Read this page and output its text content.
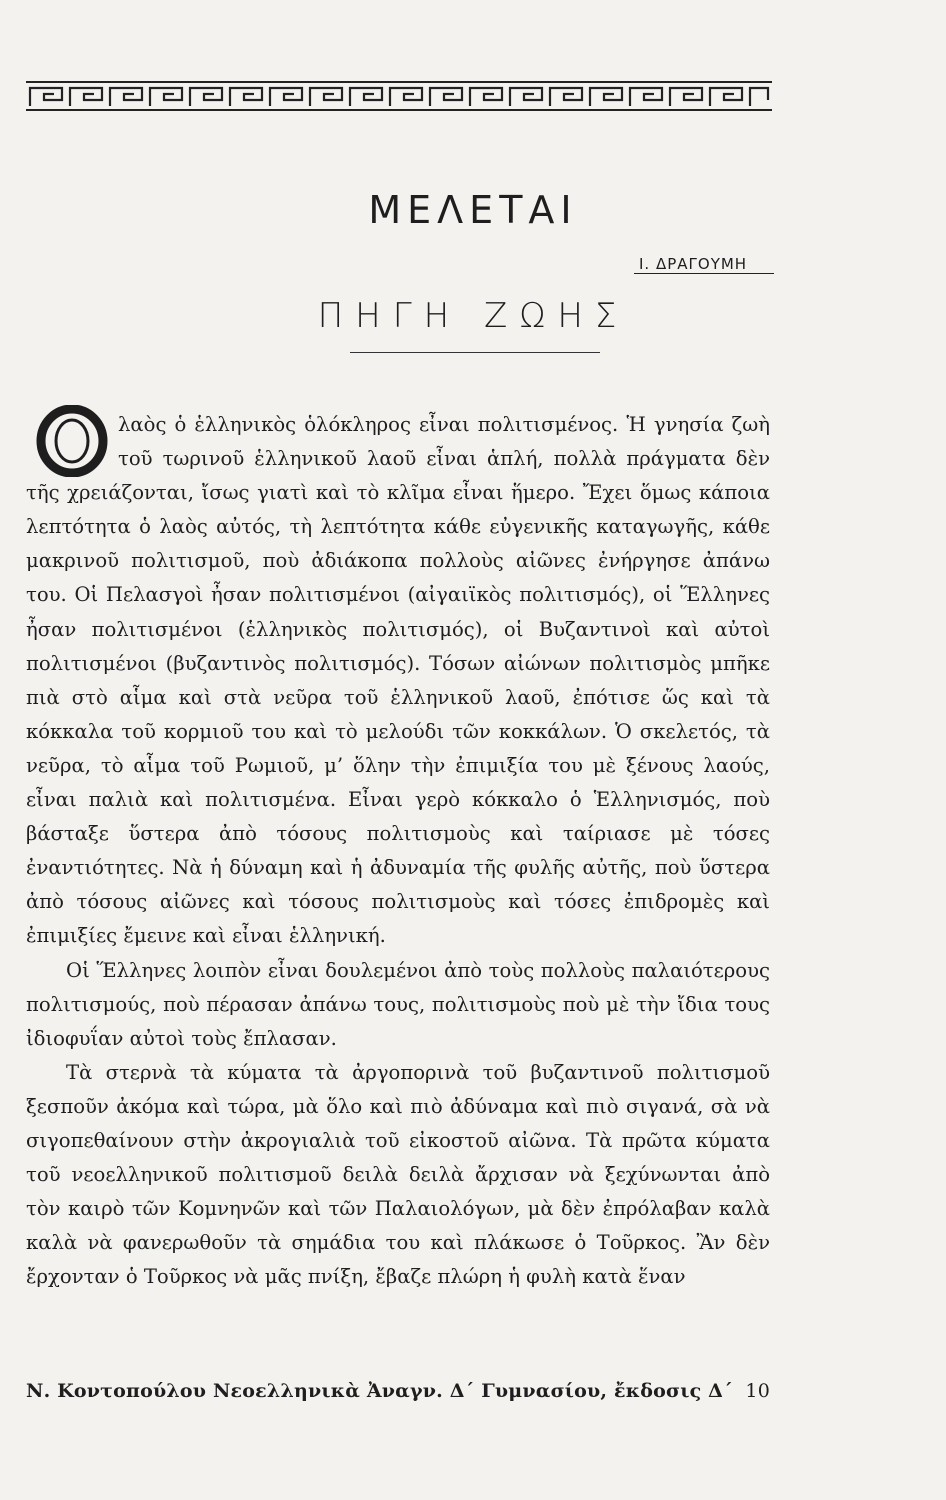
ΜΕΛΕΤΑΙ
Ι. ΔΡΑΓΟΥΜΗ
ΠΗΓΗ ΖΩΗΣ
Ο

λαὸς ὁ ἑλληνικὸς ὁλόκληρος εἶναι πολιτισμένος. Ἡ γνησία ζωὴ τοῦ τωρινοῦ ἑλληνικοῦ λαοῦ εἶναι ἁπλή, πολλὰ πράγματα δὲν τῆς χρειάζονται, ἴσως γιατὶ καὶ τὸ κλῖμα εἶναι ἥμερο. Ἔχει ὅμως κάποια λεπτότητα ὁ λαὸς αὐτός, τὴ λεπτότητα κάθε εὐγενικῆς καταγωγῆς, κάθε μακρινοῦ πολιτισμοῦ, ποὺ ἀδιάκοπα πολλοὺς αἰῶνες ἐνήργησε ἀπάνω του. Οἱ Πελασγοὶ ἦσαν πολιτισμένοι (αἰγαιϊκὸς πολιτισμός), οἱ Ἕλληνες ἦσαν πολιτισμένοι (ἑλληνικὸς πολιτισμός), οἱ Βυζαντινοὶ καὶ αὐτοὶ πολιτισμένοι (βυζαντινὸς πολιτισμός). Τόσων αἰώνων πολιτισμὸς μπῆκε πιὰ στὸ αἷμα καὶ στὰ νεῦρα τοῦ ἑλληνικοῦ λαοῦ, ἐπότισε ὥς καὶ τὰ κόκκαλα τοῦ κορμιοῦ του καὶ τὸ μελούδι τῶν κοκκάλων. Ὁ σκελετός, τὰ νεῦρα, τὸ αἷμα τοῦ Ρωμιοῦ, μ’ ὅλην τὴν ἐπιμιξία του μὲ ξένους λαούς, εἶναι παλιὰ καὶ πολιτισμένα. Εἶναι γερὸ κόκκαλο ὁ Ἑλληνισμός, ποὺ βάσταξε ὕστερα ἀπὸ τόσους πολιτισμοὺς καὶ ταίριασε μὲ τόσες ἐναντιότητες. Νὰ ἡ δύναμη καὶ ἡ ἀδυναμία τῆς φυλῆς αὐτῆς, ποὺ ὕστερα ἀπὸ τόσους αἰῶνες καὶ τόσους πολιτισμοὺς καὶ τόσες ἐπιδρομὲς καὶ ἐπιμιξίες ἔμεινε καὶ εἶναι ἑλληνική.

Οἱ Ἕλληνες λοιπὸν εἶναι δουλεμένοι ἀπὸ τοὺς πολλοὺς παλαιότερους πολιτισμούς, ποὺ πέρασαν ἀπάνω τους, πολιτισμοὺς ποὺ μὲ τὴν ἴδια τους ἰδιοφυΐαν αὐτοὶ τοὺς ἔπλασαν.

Τὰ στερνὰ τὰ κύματα τὰ ἀργοπορινὰ τοῦ βυζαντινοῦ πολιτισμοῦ ξεσποῦν ἀκόμα καὶ τώρα, μὰ ὅλο καὶ πιὸ ἀδύναμα καὶ πιὸ σιγανά, σὰ νὰ σιγοπεθαίνουν στὴν ἀκρογιαλιὰ τοῦ εἰκοστοῦ αἰῶνα. Τὰ πρῶτα κύματα τοῦ νεοελληνικοῦ πολιτισμοῦ δειλὰ δειλὰ ἄρχισαν νὰ ξεχύνωνται ἀπὸ τὸν καιρὸ τῶν Κομνηνῶν καὶ τῶν Παλαιολόγων, μὰ δὲν ἐπρόλαβαν καλὰ καλὰ νὰ φανερωθοῦν τὰ σημάδια του καὶ πλάκωσε ὁ Τοῦρκος. Ἂν δὲν ἔρχονταν ὁ Τοῦρκος νὰ μᾶς πνίξη, ἔβαζε πλώρη ἡ φυλὴ κατὰ ἕναν

Ν. Κοντοπούλου Νεοελληνικὰ Ἀναγν. Δ΄ Γυμνασίου, ἔκδοσις Δ΄ 10
